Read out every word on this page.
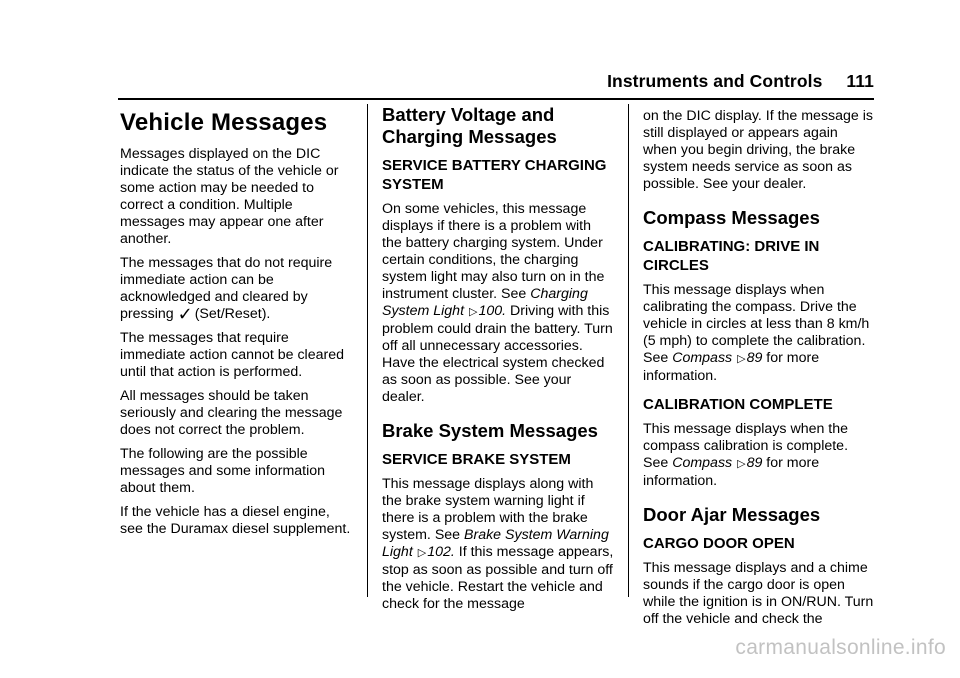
Instruments and Controls 111
Vehicle Messages

Messages displayed on the DIC indicate the status of the vehicle or some action may be needed to correct a condition. Multiple messages may appear one after another.

The messages that do not require immediate action can be acknowledged and cleared by pressing ✓ (Set/Reset).

The messages that require immediate action cannot be cleared until that action is performed.

All messages should be taken seriously and clearing the message does not correct the problem.

The following are the possible messages and some information about them.

If the vehicle has a diesel engine, see the Duramax diesel supplement.

Battery Voltage and Charging Messages
SERVICE BATTERY CHARGING SYSTEM

On some vehicles, this message displays if there is a problem with the battery charging system. Under certain conditions, the charging system light may also turn on in the instrument cluster. See Charging System Light ▷100. Driving with this problem could drain the battery. Turn off all unnecessary accessories. Have the electrical system checked as soon as possible. See your dealer.

Brake System Messages
SERVICE BRAKE SYSTEM

This message displays along with the brake system warning light if there is a problem with the brake system. See Brake System Warning Light ▷102. If this message appears, stop as soon as possible and turn off the vehicle. Restart the vehicle and check for the message

on the DIC display. If the message is still displayed or appears again when you begin driving, the brake system needs service as soon as possible. See your dealer.

Compass Messages
CALIBRATING: DRIVE IN CIRCLES

This message displays when calibrating the compass. Drive the vehicle in circles at less than 8 km/h (5 mph) to complete the calibration. See Compass ▷89 for more information.

CALIBRATION COMPLETE

This message displays when the compass calibration is complete. See Compass ▷89 for more information.

Door Ajar Messages
CARGO DOOR OPEN

This message displays and a chime sounds if the cargo door is open while the ignition is in ON/RUN. Turn off the vehicle and check the

carmanualsonline.info
